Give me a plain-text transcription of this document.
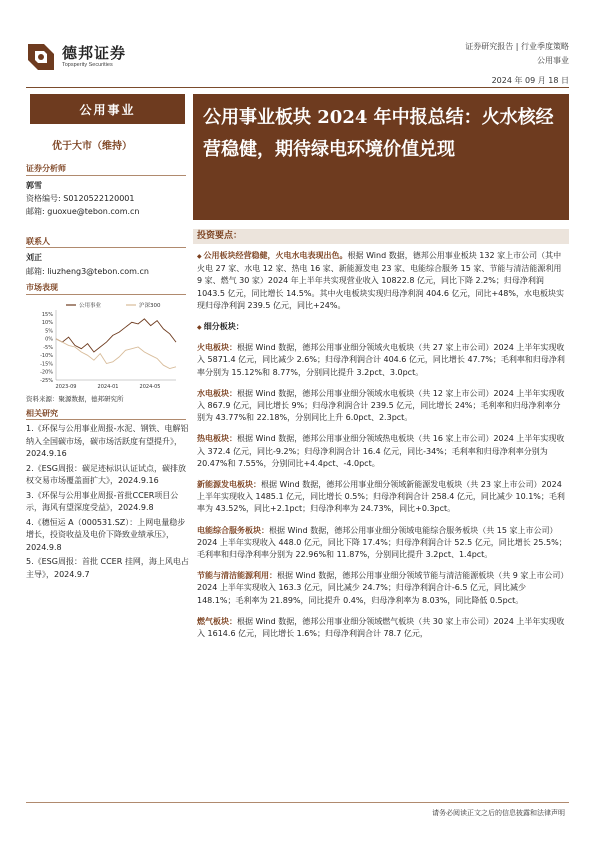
德邦证券
Topsperity Securities
证券研究报告 | 行业季度策略
公用事业
2024 年 09 月 18 日
公用事业
优于大市（维持）
证券分析师
郭雪
资格编号: S0120522120001
邮箱: guoxue@tebon.com.cn
联系人
刘正
邮箱: liuzheng3@tebon.com.cn
市场表现
公用事业	沪深300
15%
10%
5%
0%
-5%
-10%
-15%
-20%
-25%
2023-09	2024-01	2024-05
资料来源：聚源数据，德邦研究所
相关研究
1.《环保与公用事业周报-水泥、钢铁、电解铝纳入全国碳市场，碳市场活跃度有望提升》，2024.9.16
2.《ESG周报：碳足迹标识认证试点，碳排放权交易市场覆盖面扩大》，2024.9.16
3.《环保与公用事业周报-首批CCER项目公示，海风有望深度受益》，2024.9.8
4.《穗恒运 A（000531.SZ）：上网电量稳步增长，投资收益及电价下降致业绩承压》，2024.9.8
5.《ESG周报：首批 CCER 挂网，海上风电占主导》，2024.9.7
公用事业板块 2024 年中报总结：火水核经营稳健，期待绿电环境价值兑现
投资要点：
◆ 公用板块经营稳健，火电水电表现出色。根据 Wind 数据，德邦公用事业板块 132 家上市公司（其中火电 27 家、水电 12 家、热电 16 家、新能源发电 23 家、电能综合服务 15 家、节能与清洁能源利用 9 家、燃气 30 家）2024 年上半年共实现营业收入 10822.8 亿元，同比下降 2.2%；归母净利润 1043.5 亿元，同比增长 14.5%。其中火电板块实现归母净利润 404.6 亿元，同比+48%，水电板块实现归母净利润 239.5 亿元，同比+24%。
◆ 细分板块：
火电板块：根据 Wind 数据，德邦公用事业细分领域火电板块（共 27 家上市公司）2024 上半年实现收入 5871.4 亿元，同比减少 2.6%；归母净利润合计 404.6 亿元，同比增长 47.7%；毛利率和归母净利率分别为 15.12%和 8.77%，分别同比提升 3.2pct、3.0pct。
水电板块：根据 Wind 数据，德邦公用事业细分领域水电板块（共 12 家上市公司）2024 上半年实现收入 867.9 亿元，同比增长 9%；归母净利润合计 239.5 亿元，同比增长 24%；毛利率和归母净利率分别为 43.77%和 22.18%，分别同比上升 6.0pct、2.3pct。
热电板块：根据 Wind 数据，德邦公用事业细分领域热电板块（共 16 家上市公司）2024 上半年实现收入 372.4 亿元，同比-9.2%；归母净利润合计 16.4 亿元，同比-34%；毛利率和归母净利率分别为 20.47%和 7.55%，分别同比+4.4pct、-4.0pct。
新能源发电板块：根据 Wind 数据，德邦公用事业细分领域新能源发电板块（共 23 家上市公司）2024 上半年实现收入 1485.1 亿元，同比增长 0.5%；归母净利润合计 258.4 亿元，同比减少 10.1%；毛利率为 43.52%，同比+2.1pct；归母净利率为 24.73%，同比+0.3pct。
电能综合服务板块：根据 Wind 数据，德邦公用事业细分领域电能综合服务板块（共 15 家上市公司）2024 上半年实现收入 448.0 亿元，同比下降 17.4%；归母净利润合计 52.5 亿元，同比增长 25.5%；毛利率和归母净利率分别为 22.96%和 11.87%，分别同比提升 3.2pct、1.4pct。
节能与清洁能源利用：根据 Wind 数据，德邦公用事业细分领域节能与清洁能源板块（共 9 家上市公司）2024 上半年实现收入 163.3 亿元，同比减少 24.7%；归母净利润合计-6.5 亿元，同比减少 148.1%；毛利率为 21.89%，同比提升 0.4%，归母净利率为 8.03%，同比降低 0.5pct。
燃气板块：根据 Wind 数据，德邦公用事业细分领域燃气板块（共 30 家上市公司）2024 上半年实现收入 1614.6 亿元，同比增长 1.6%；归母净利润合计 78.7 亿元，
请务必阅读正文之后的信息披露和法律声明
